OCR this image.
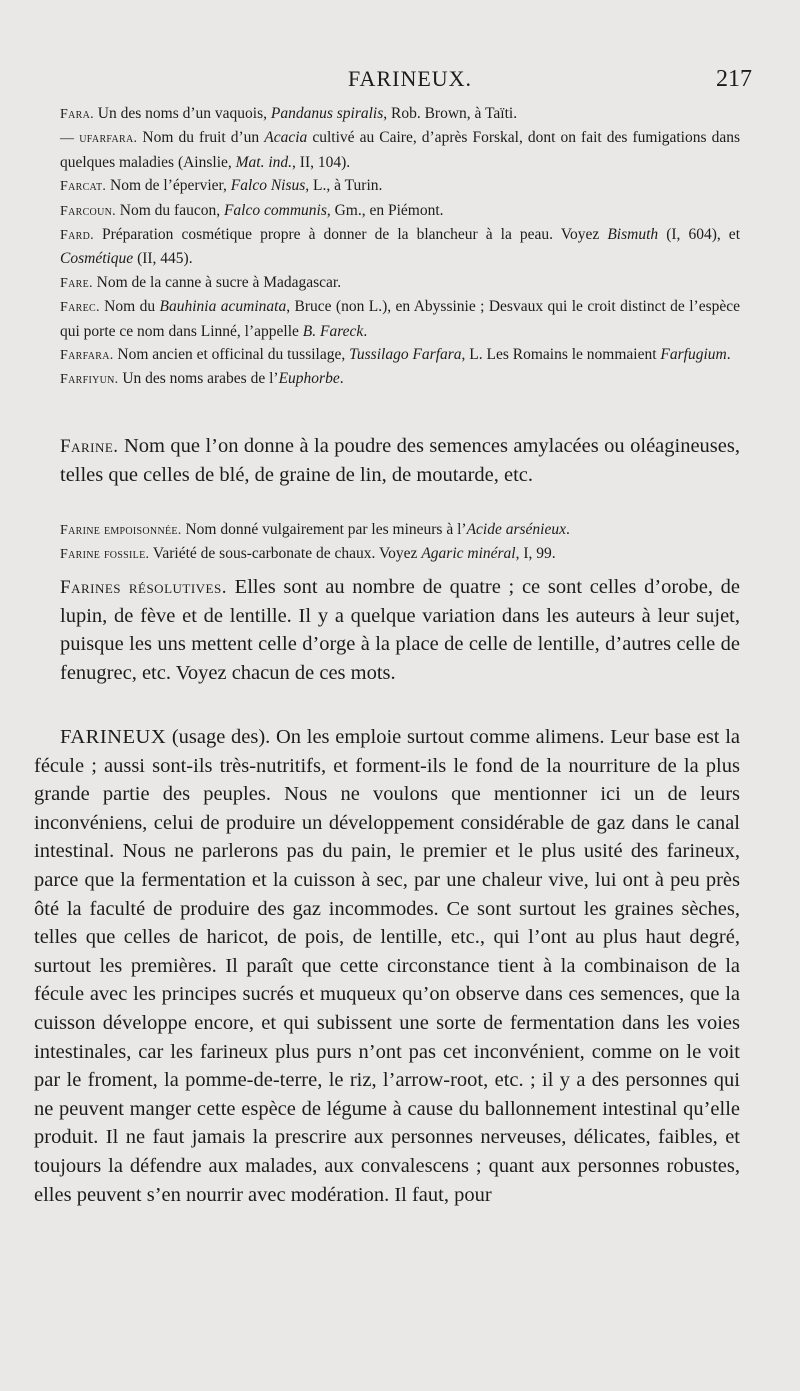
FARINEUX.	217

Fara. Un des noms d’un vaquois, Pandanus spiralis, Rob. Brown, à Taïti.

— ufarfara. Nom du fruit d’un Acacia cultivé au Caire, d’après Forskal, dont on fait des fumigations dans quelques maladies (Ainslie, Mat. ind., II, 104).

Farcat. Nom de l’épervier, Falco Nisus, L., à Turin.

Farcoun. Nom du faucon, Falco communis, Gm., en Piémont.

Fard. Préparation cosmétique propre à donner de la blancheur à la peau. Voyez Bismuth (I, 604), et Cosmétique (II, 445).

Fare. Nom de la canne à sucre à Madagascar.

Farec. Nom du Bauhinia acuminata, Bruce (non L.), en Abyssinie ; Desvaux qui le croit distinct de l’espèce qui porte ce nom dans Linné, l’appelle B. Fareck.

Farfara. Nom ancien et officinal du tussilage, Tussilago Farfara, L. Les Romains le nommaient Farfugium.

Farfiyun. Un des noms arabes de l’Euphorbe.

Farine. Nom que l’on donne à la poudre des semences amylacées ou oléagineuses, telles que celles de blé, de graine de lin, de moutarde, etc.

Farine empoisonnée. Nom donné vulgairement par les mineurs à l’Acide arsénieux.

Farine fossile. Variété de sous-carbonate de chaux. Voyez Agaric minéral, I, 99.

Farines résolutives. Elles sont au nombre de quatre ; ce sont celles d’orobe, de lupin, de fève et de lentille. Il y a quelque variation dans les auteurs à leur sujet, puisque les uns mettent celle d’orge à la place de celle de lentille, d’autres celle de fenugrec, etc. Voyez chacun de ces mots.

FARINEUX (usage des). On les emploie surtout comme alimens. Leur base est la fécule ; aussi sont-ils très-nutritifs, et forment-ils le fond de la nourriture de la plus grande partie des peuples. Nous ne voulons que mentionner ici un de leurs inconvéniens, celui de produire un développement considérable de gaz dans le canal intestinal. Nous ne parlerons pas du pain, le premier et le plus usité des farineux, parce que la fermentation et la cuisson à sec, par une chaleur vive, lui ont à peu près ôté la faculté de produire des gaz incommodes. Ce sont surtout les graines sèches, telles que celles de haricot, de pois, de lentille, etc., qui l’ont au plus haut degré, surtout les premières. Il paraît que cette circonstance tient à la combinaison de la fécule avec les principes sucrés et muqueux qu’on observe dans ces semences, que la cuisson développe encore, et qui subissent une sorte de fermentation dans les voies intestinales, car les farineux plus purs n’ont pas cet inconvénient, comme on le voit par le froment, la pomme-de-terre, le riz, l’arrow-root, etc. ; il y a des personnes qui ne peuvent manger cette espèce de légume à cause du ballonnement intestinal qu’elle produit. Il ne faut jamais la prescrire aux personnes nerveuses, délicates, faibles, et toujours la défendre aux malades, aux convalescens ; quant aux personnes robustes, elles peuvent s’en nourrir avec modération. Il faut, pour
